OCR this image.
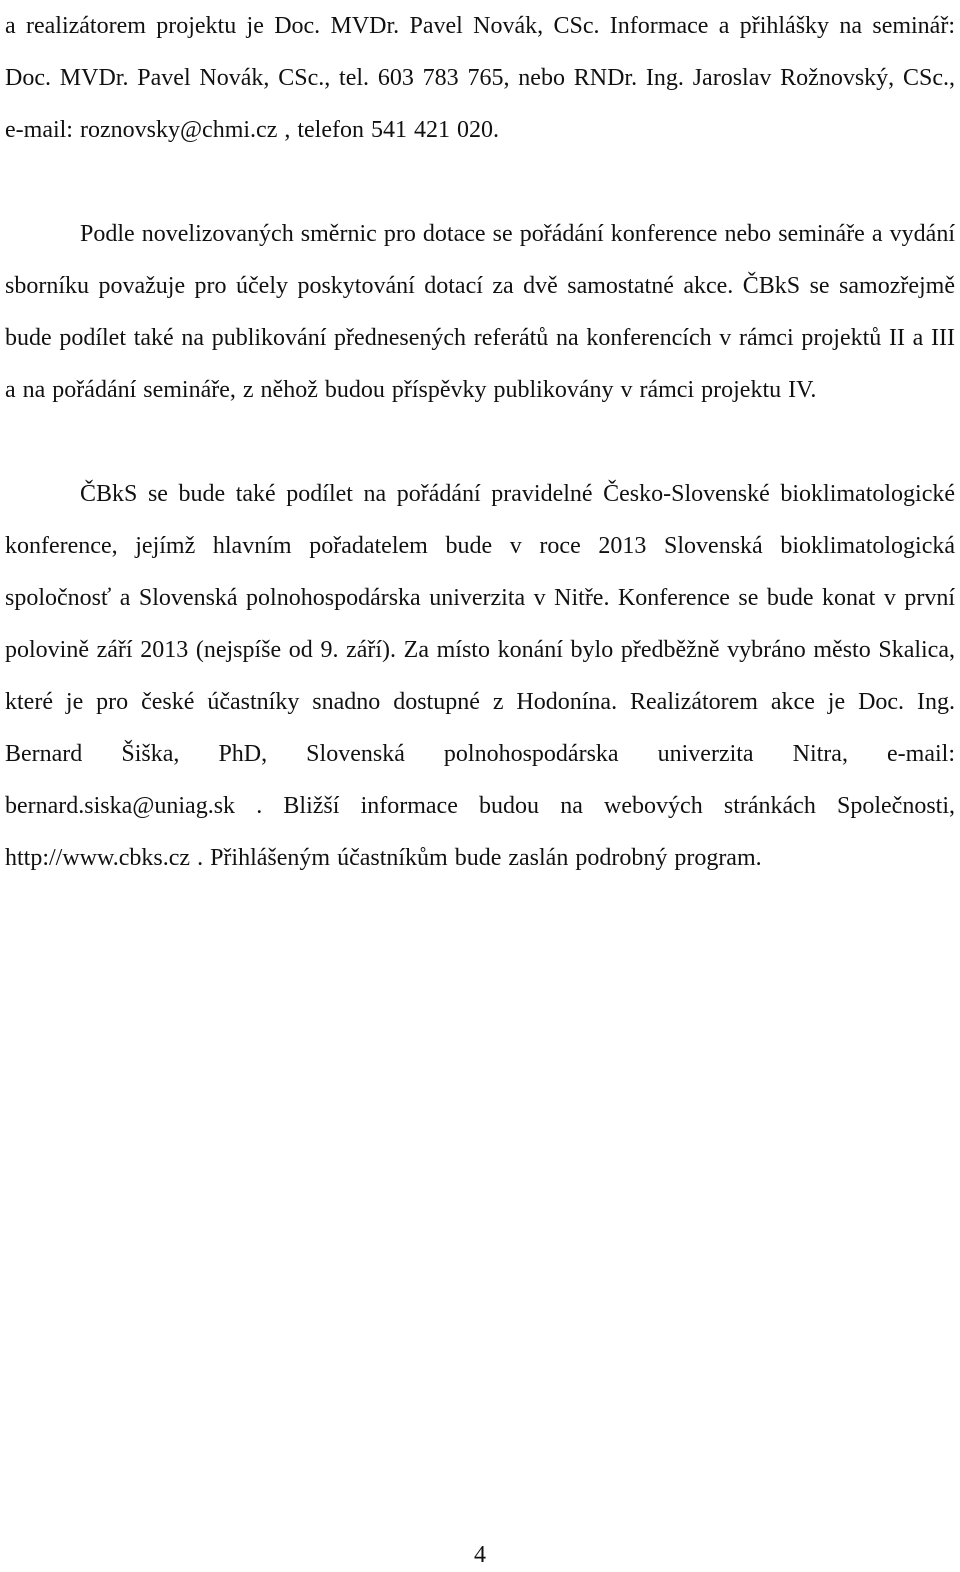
a realizátorem projektu je Doc. MVDr. Pavel Novák, CSc. Informace a přihlášky na seminář: Doc. MVDr. Pavel Novák, CSc., tel. 603 783 765, nebo RNDr. Ing. Jaroslav Rožnovský, CSc., e-mail: roznovsky@chmi.cz , telefon 541 421 020.

Podle novelizovaných směrnic pro dotace se pořádání konference nebo semináře a vydání sborníku považuje pro účely poskytování dotací za dvě samostatné akce. ČBkS se samozřejmě bude podílet také na publikování přednesených referátů na konferencích v rámci projektů II a III a na pořádání semináře, z něhož budou příspěvky publikovány v rámci projektu IV.

ČBkS se bude také podílet na pořádání pravidelné Česko-Slovenské bioklimatologické konference, jejímž hlavním pořadatelem bude v roce 2013 Slovenská bioklimatologická spoločnosť a Slovenská polnohospodárska univerzita v Nitře. Konference se bude konat v první polovině září 2013 (nejspíše od 9. září). Za místo konání bylo předběžně vybráno město Skalica, které je pro české účastníky snadno dostupné z Hodonína. Realizátorem akce je Doc. Ing. Bernard Šiška, PhD, Slovenská polnohospodárska univerzita Nitra, e-mail: bernard.siska@uniag.sk . Bližší informace budou na webových stránkách Společnosti, http://www.cbks.cz . Přihlášeným účastníkům bude zaslán podrobný program.

4
